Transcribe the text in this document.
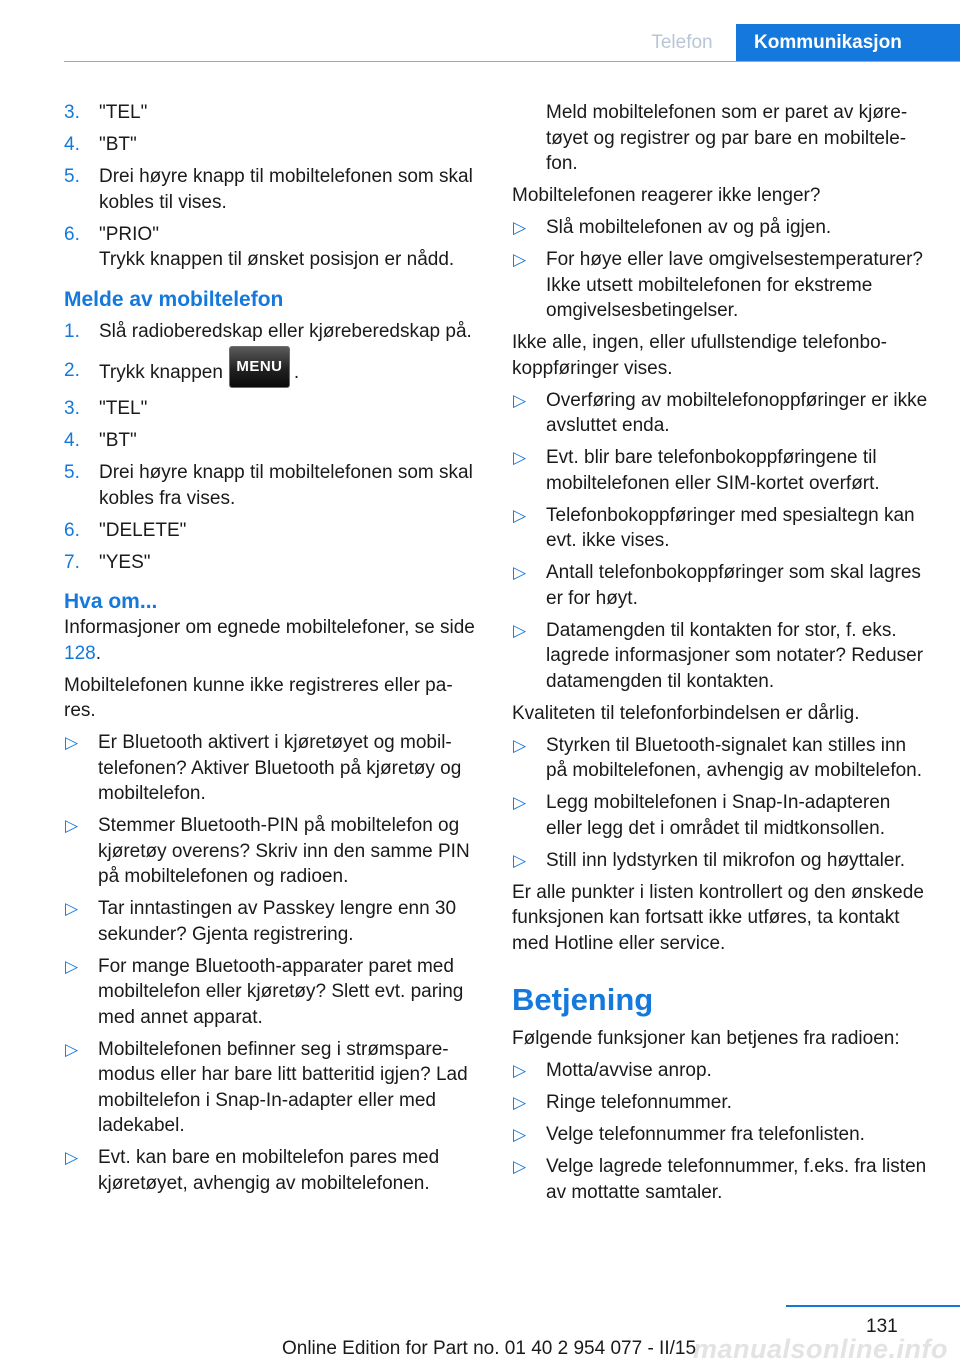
Telefon	Kommunikasjon
3. "TEL"
4. "BT"
5. Drei høyre knapp til mobiltelefonen som skal kobles til vises.
6. "PRIO"
Trykk knappen til ønsket posisjon er nådd.
Melde av mobiltelefon
1. Slå radioberedskap eller kjøreberedskap på.
2. Trykk knappen MENU .
3. "TEL"
4. "BT"
5. Drei høyre knapp til mobiltelefonen som skal kobles fra vises.
6. "DELETE"
7. "YES"
Hva om...
Informasjoner om egnede mobiltelefoner, se side 128.
Mobiltelefonen kunne ikke registreres eller pares.
▷ Er Bluetooth aktivert i kjøretøyet og mobiltelefonen? Aktiver Bluetooth på kjøretøy og mobiltelefon.
▷ Stemmer Bluetooth-PIN på mobiltelefon og kjøretøy overens? Skriv inn den samme PIN på mobiltelefonen og radioen.
▷ Tar inntastingen av Passkey lengre enn 30 sekunder? Gjenta registrering.
▷ For mange Bluetooth-apparater paret med mobiltelefon eller kjøretøy? Slett evt. paring med annet apparat.
▷ Mobiltelefonen befinner seg i strømsparemodus eller har bare litt batteritid igjen? Lad mobiltelefon i Snap-In-adapter eller med ladekabel.
▷ Evt. kan bare en mobiltelefon pares med kjøretøyet, avhengig av mobiltelefonen.
Meld mobiltelefonen som er paret av kjøretøyet og registrer og par bare en mobiltelefon.
Mobiltelefonen reagerer ikke lenger?
▷ Slå mobiltelefonen av og på igjen.
▷ For høye eller lave omgivelsestemperaturer? Ikke utsett mobiltelefonen for ekstreme omgivelsesbetingelser.
Ikke alle, ingen, eller ufullstendige telefonbokoppføringer vises.
▷ Overføring av mobiltelefonoppføringer er ikke avsluttet enda.
▷ Evt. blir bare telefonbokoppføringene til mobiltelefonen eller SIM-kortet overført.
▷ Telefonbokoppføringer med spesialtegn kan evt. ikke vises.
▷ Antall telefonbokoppføringer som skal lagres er for høyt.
▷ Datamengden til kontakten for stor, f. eks. lagrede informasjoner som notater? Reduser datamengden til kontakten.
Kvaliteten til telefonforbindelsen er dårlig.
▷ Styrken til Bluetooth-signalet kan stilles inn på mobiltelefonen, avhengig av mobiltelefon.
▷ Legg mobiltelefonen i Snap-In-adapteren eller legg det i området til midtkonsollen.
▷ Still inn lydstyrken til mikrofon og høyttaler.
Er alle punkter i listen kontrollert og den ønskede funksjonen kan fortsatt ikke utføres, ta kontakt med Hotline eller service.
Betjening
Følgende funksjoner kan betjenes fra radioen:
▷ Motta/avvise anrop.
▷ Ringe telefonnummer.
▷ Velge telefonnummer fra telefonlisten.
▷ Velge lagrede telefonnummer, f.eks. fra listen av mottatte samtaler.
131
manualsonline.info
Online Edition for Part no. 01 40 2 954 077 - II/15
